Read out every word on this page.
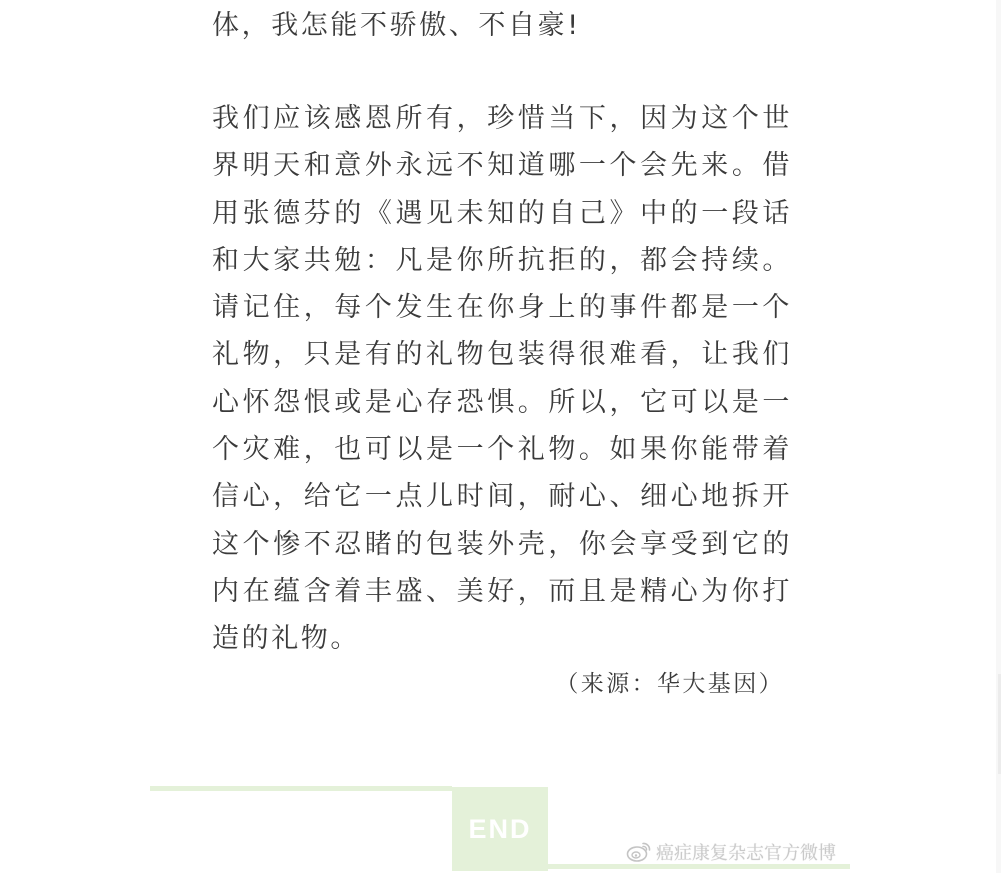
体，我怎能不骄傲、不自豪!

我们应该感恩所有，珍惜当下，因为这个世界明天和意外永远不知道哪一个会先来。借用张德芬的《遇见未知的自己》中的一段话和大家共勉：凡是你所抗拒的，都会持续。请记住，每个发生在你身上的事件都是一个礼物，只是有的礼物包装得很难看，让我们心怀怨恨或是心存恐惧。所以，它可以是一个灾难，也可以是一个礼物。如果你能带着信心，给它一点儿时间，耐心、细心地拆开这个惨不忍睹的包装外壳，你会享受到它的内在蕴含着丰盛、美好，而且是精心为你打造的礼物。

（来源：华大基因）
END
癌症康复杂志官方微博
